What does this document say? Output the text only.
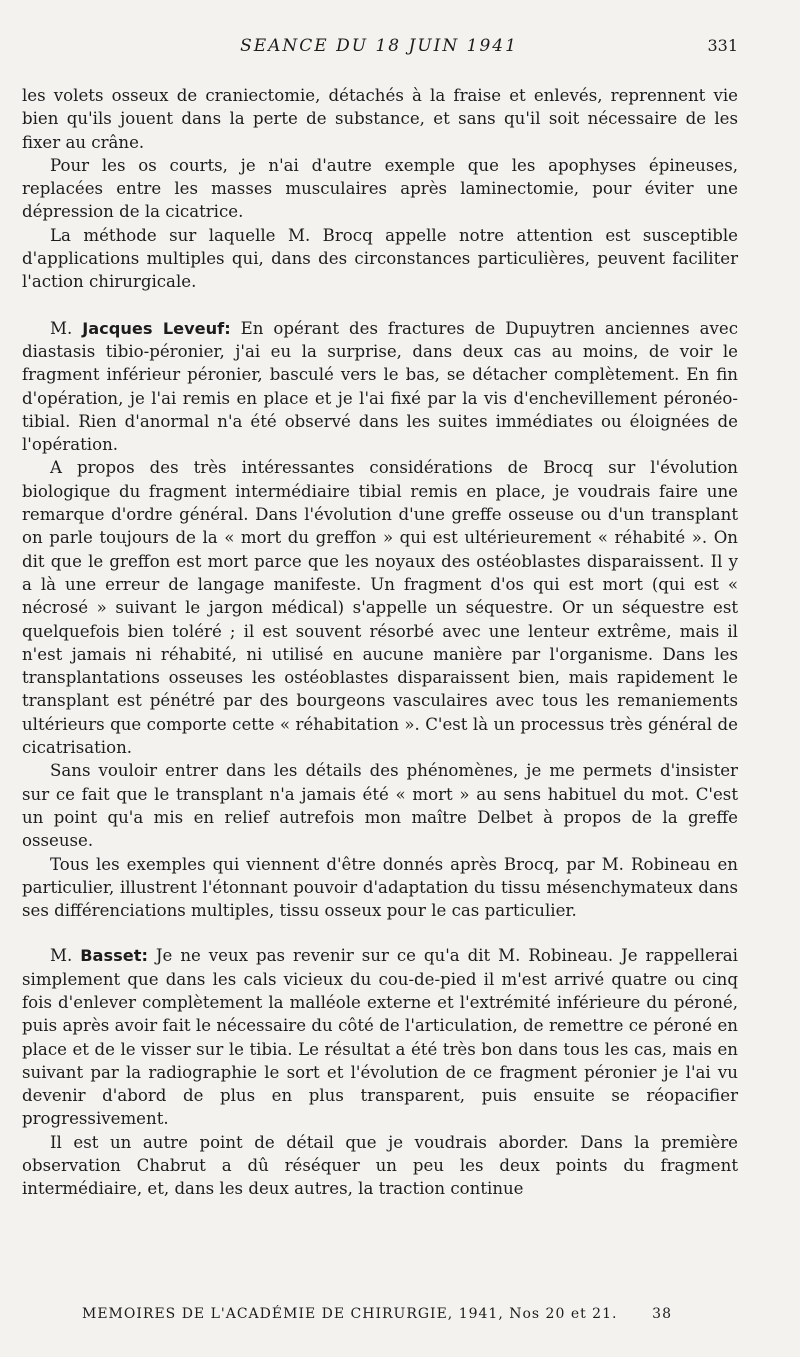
SEANCE DU 18 JUIN 1941	331

les volets osseux de craniectomie, détachés à la fraise et enlevés, reprennent vie bien qu'ils jouent dans la perte de substance, et sans qu'il soit nécessaire de les fixer au crâne.

Pour les os courts, je n'ai d'autre exemple que les apophyses épineuses, replacées entre les masses musculaires après laminectomie, pour éviter une dépression de la cicatrice.

La méthode sur laquelle M. Brocq appelle notre attention est susceptible d'applications multiples qui, dans des circonstances particulières, peuvent faciliter l'action chirurgicale.

M. Jacques Leveuf: En opérant des fractures de Dupuytren anciennes avec diastasis tibio-péronier, j'ai eu la surprise, dans deux cas au moins, de voir le fragment inférieur péronier, basculé vers le bas, se détacher complètement. En fin d'opération, je l'ai remis en place et je l'ai fixé par la vis d'enchevillement péronéo-tibial. Rien d'anormal n'a été observé dans les suites immédiates ou éloignées de l'opération.

A propos des très intéressantes considérations de Brocq sur l'évolution biologique du fragment intermédiaire tibial remis en place, je voudrais faire une remarque d'ordre général. Dans l'évolution d'une greffe osseuse ou d'un transplant on parle toujours de la « mort du greffon » qui est ultérieurement « réhabité ». On dit que le greffon est mort parce que les noyaux des ostéoblastes disparaissent. Il y a là une erreur de langage manifeste. Un fragment d'os qui est mort (qui est « nécrosé » suivant le jargon médical) s'appelle un séquestre. Or un séquestre est quelquefois bien toléré ; il est souvent résorbé avec une lenteur extrême, mais il n'est jamais ni réhabité, ni utilisé en aucune manière par l'organisme. Dans les transplantations osseuses les ostéoblastes disparaissent bien, mais rapidement le transplant est pénétré par des bourgeons vasculaires avec tous les remaniements ultérieurs que comporte cette « réhabitation ». C'est là un processus très général de cicatrisation.

Sans vouloir entrer dans les détails des phénomènes, je me permets d'insister sur ce fait que le transplant n'a jamais été « mort » au sens habituel du mot. C'est un point qu'a mis en relief autrefois mon maître Delbet à propos de la greffe osseuse.

Tous les exemples qui viennent d'être donnés après Brocq, par M. Robineau en particulier, illustrent l'étonnant pouvoir d'adaptation du tissu mésenchymateux dans ses différenciations multiples, tissu osseux pour le cas particulier.

M. Basset: Je ne veux pas revenir sur ce qu'a dit M. Robineau. Je rappellerai simplement que dans les cals vicieux du cou-de-pied il m'est arrivé quatre ou cinq fois d'enlever complètement la malléole externe et l'extrémité inférieure du péroné, puis après avoir fait le nécessaire du côté de l'articulation, de remettre ce péroné en place et de le visser sur le tibia. Le résultat a été très bon dans tous les cas, mais en suivant par la radiographie le sort et l'évolution de ce fragment péronier je l'ai vu devenir d'abord de plus en plus transparent, puis ensuite se réopacifier progressivement.

Il est un autre point de détail que je voudrais aborder. Dans la première observation Chabrut a dû réséquer un peu les deux points du fragment intermédiaire, et, dans les deux autres, la traction continue

MEMOIRES DE L'ACADÉMIE DE CHIRURGIE, 1941, Nos 20 et 21. 38
